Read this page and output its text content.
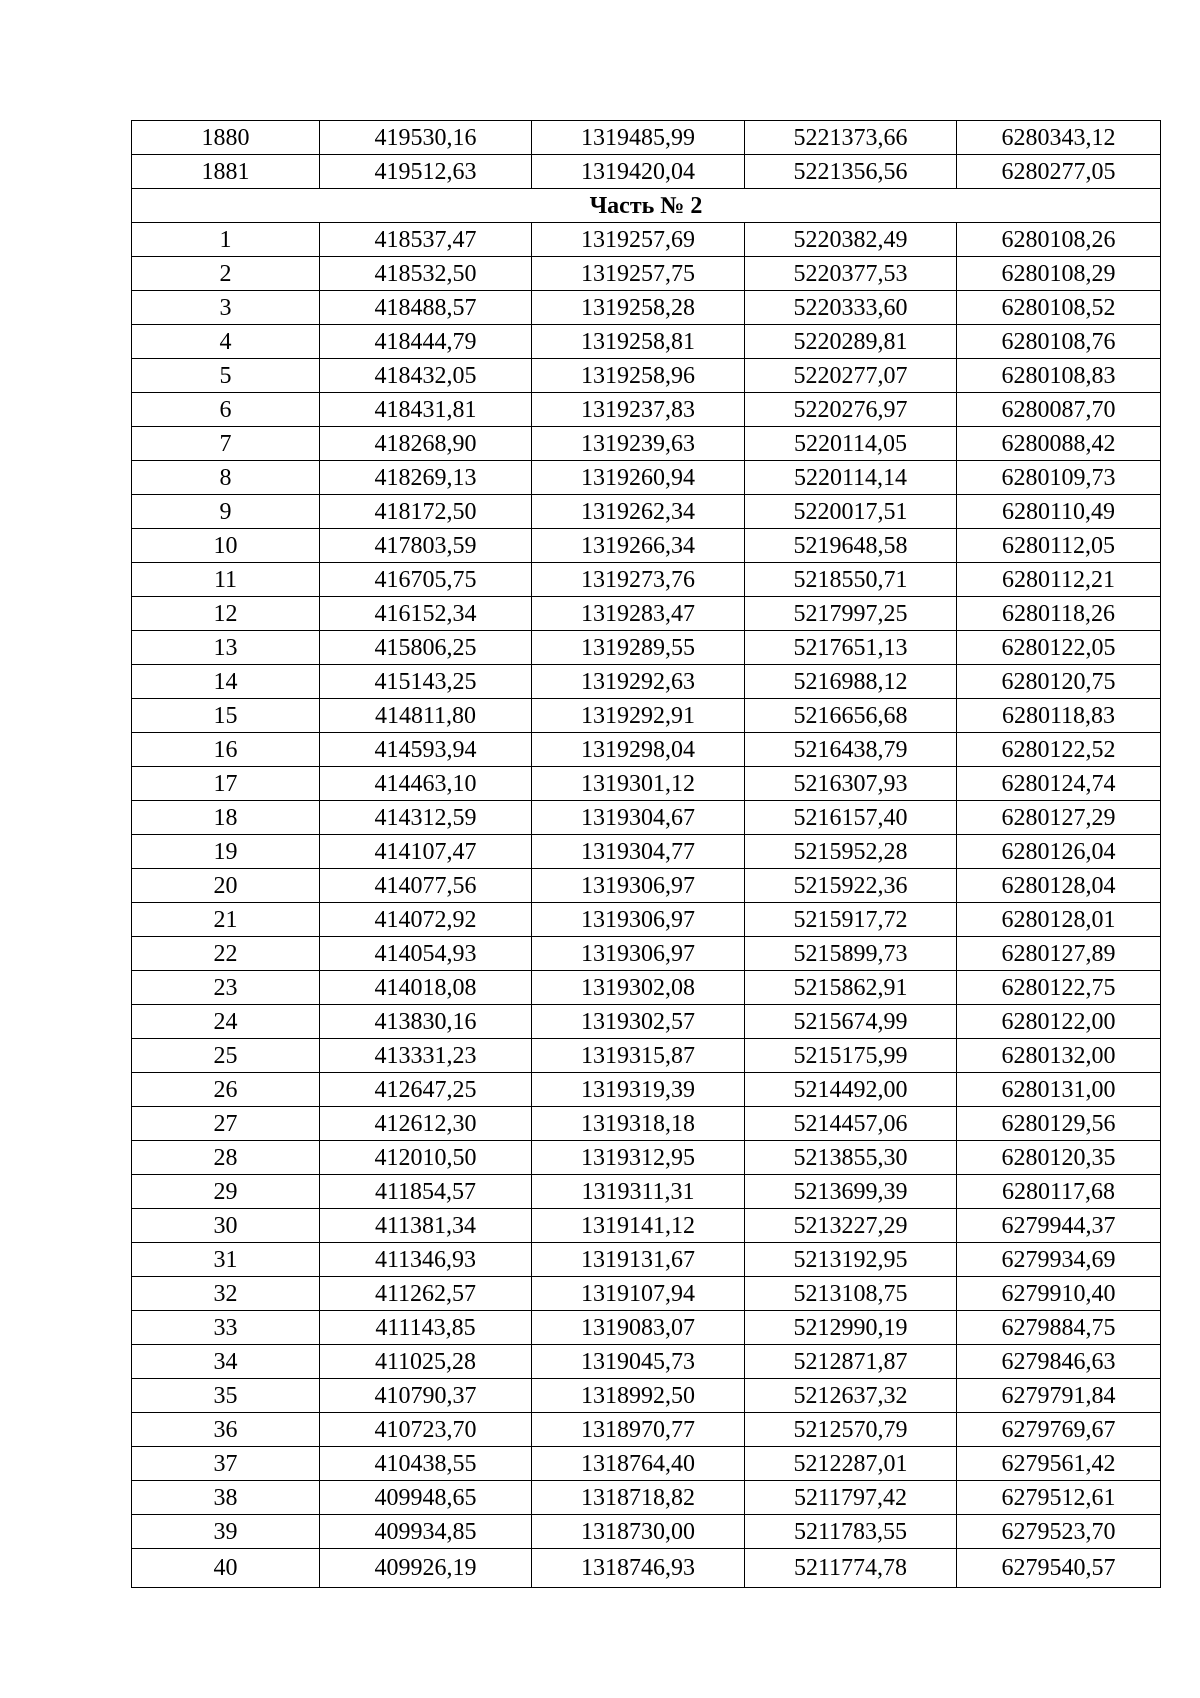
1880	419530,16	1319485,99	5221373,66	6280343,12
1881	419512,63	1319420,04	5221356,56	6280277,05
Часть № 2				
1	418537,47	1319257,69	5220382,49	6280108,26
2	418532,50	1319257,75	5220377,53	6280108,29
3	418488,57	1319258,28	5220333,60	6280108,52
4	418444,79	1319258,81	5220289,81	6280108,76
5	418432,05	1319258,96	5220277,07	6280108,83
6	418431,81	1319237,83	5220276,97	6280087,70
7	418268,90	1319239,63	5220114,05	6280088,42
8	418269,13	1319260,94	5220114,14	6280109,73
9	418172,50	1319262,34	5220017,51	6280110,49
10	417803,59	1319266,34	5219648,58	6280112,05
11	416705,75	1319273,76	5218550,71	6280112,21
12	416152,34	1319283,47	5217997,25	6280118,26
13	415806,25	1319289,55	5217651,13	6280122,05
14	415143,25	1319292,63	5216988,12	6280120,75
15	414811,80	1319292,91	5216656,68	6280118,83
16	414593,94	1319298,04	5216438,79	6280122,52
17	414463,10	1319301,12	5216307,93	6280124,74
18	414312,59	1319304,67	5216157,40	6280127,29
19	414107,47	1319304,77	5215952,28	6280126,04
20	414077,56	1319306,97	5215922,36	6280128,04
21	414072,92	1319306,97	5215917,72	6280128,01
22	414054,93	1319306,97	5215899,73	6280127,89
23	414018,08	1319302,08	5215862,91	6280122,75
24	413830,16	1319302,57	5215674,99	6280122,00
25	413331,23	1319315,87	5215175,99	6280132,00
26	412647,25	1319319,39	5214492,00	6280131,00
27	412612,30	1319318,18	5214457,06	6280129,56
28	412010,50	1319312,95	5213855,30	6280120,35
29	411854,57	1319311,31	5213699,39	6280117,68
30	411381,34	1319141,12	5213227,29	6279944,37
31	411346,93	1319131,67	5213192,95	6279934,69
32	411262,57	1319107,94	5213108,75	6279910,40
33	411143,85	1319083,07	5212990,19	6279884,75
34	411025,28	1319045,73	5212871,87	6279846,63
35	410790,37	1318992,50	5212637,32	6279791,84
36	410723,70	1318970,77	5212570,79	6279769,67
37	410438,55	1318764,40	5212287,01	6279561,42
38	409948,65	1318718,82	5211797,42	6279512,61
39	409934,85	1318730,00	5211783,55	6279523,70
40	409926,19	1318746,93	5211774,78	6279540,57
